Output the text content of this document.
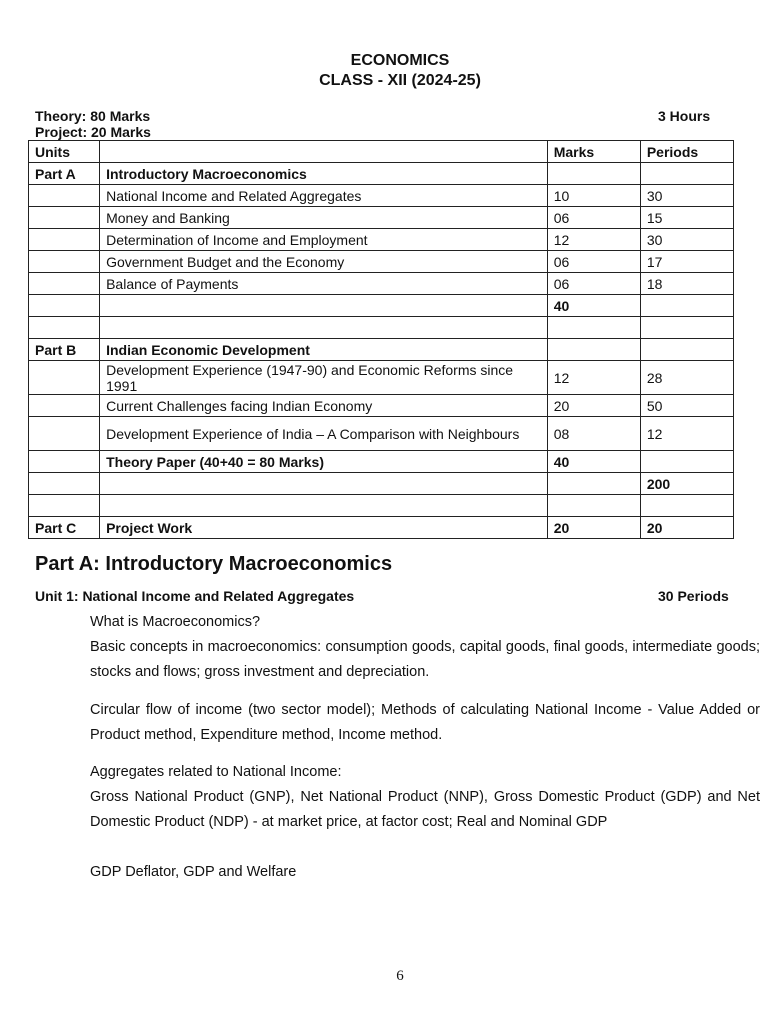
ECONOMICS
CLASS - XII (2024-25)
Theory: 80 Marks
Project: 20 Marks
3 Hours
Units		Marks	Periods
Part A	Introductory Macroeconomics		
	National Income and Related Aggregates	10	30
	Money and Banking	06	15
	Determination of Income and Employment	12	30
	Government Budget and the Economy	06	17
	Balance of Payments	06	18
		40	

Part B	Indian Economic Development		
	Development Experience (1947-90) and Economic Reforms since 1991	12	28
	Current Challenges facing Indian Economy	20	50
	Development Experience of India – A Comparison with Neighbours	08	12
	Theory Paper (40+40 = 80 Marks)	40	
			200

Part C	Project Work	20	20
Part A: Introductory Macroeconomics
Unit 1: National Income and Related Aggregates	30 Periods
What is Macroeconomics?
Basic concepts in macroeconomics: consumption goods, capital goods, final goods, intermediate goods; stocks and flows; gross investment and depreciation.
Circular flow of income (two sector model); Methods of calculating National Income - Value Added or Product method, Expenditure method, Income method.
Aggregates related to National Income:
Gross National Product (GNP), Net National Product (NNP), Gross Domestic Product (GDP) and Net Domestic Product (NDP) - at market price, at factor cost; Real and Nominal GDP
GDP Deflator, GDP and Welfare
6
